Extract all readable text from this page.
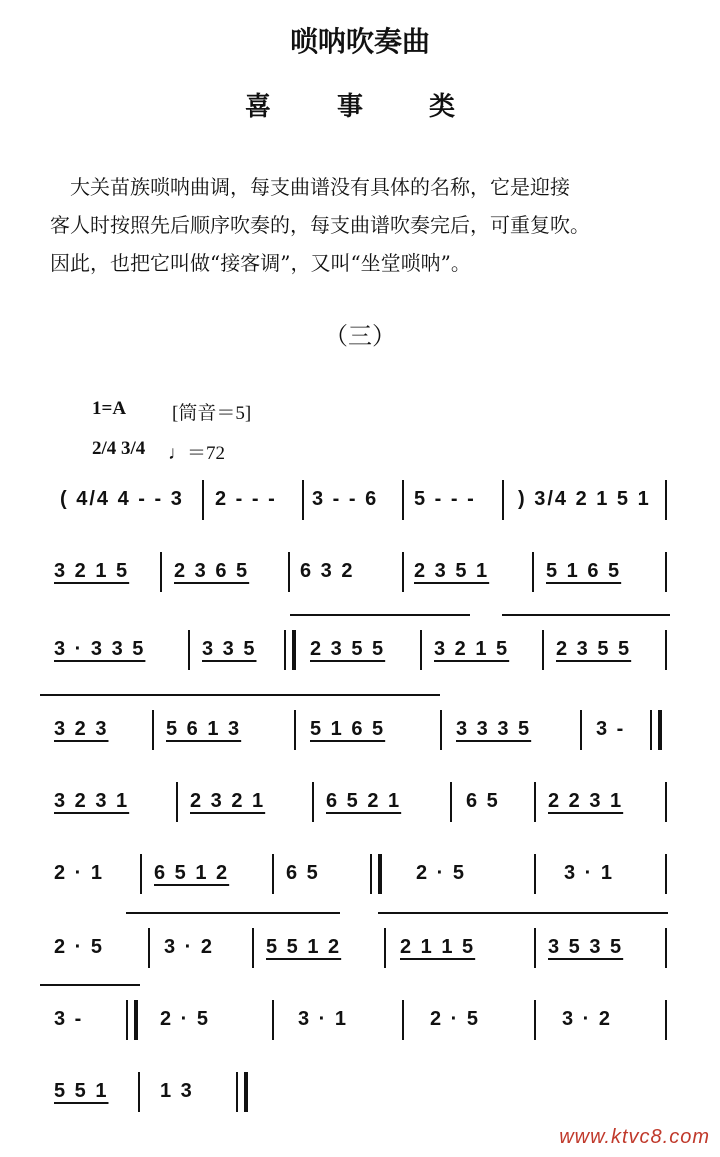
唢呐吹奏曲
喜　事　类

大关苗族唢呐曲调，每支曲谱没有具体的名称，它是迎接

客人时按照先后顺序吹奏的，每支曲谱吹奏完后，可重复吹。

因此，也把它叫做“接客调”，又叫“坐堂唢呐”。

（三）
1=A [筒音＝5]
2/4 3/4 ♩＝72
( 4/4 4 - - 3 2 - - - 3 - - 6 5 - - - ) 3/4 2 1 5 1
3 2 1 5 2 3 6 5	6 3 2	2 3 5 1	5 1 6 5
3 · 3 3 5	3 3 5	2 3 5 5 3 2 1 5 2 3 5 5
3 2 3	5 6 1 3	5 1 6 5	3 3 3 5	3 -
3 2 3 1	2 3 2 1	6 5 2 1	6 5 2 2 3 1
2 · 1 6 5 1 2	6 5	2 · 5	3 · 1
2 · 5	3 · 2	5 5 1 2	2 1 1 5	3 5 3 5
3 -	2 · 5	3 · 1	2 · 5	3 · 2
5 5 1	1 3
www.ktvc8.com
